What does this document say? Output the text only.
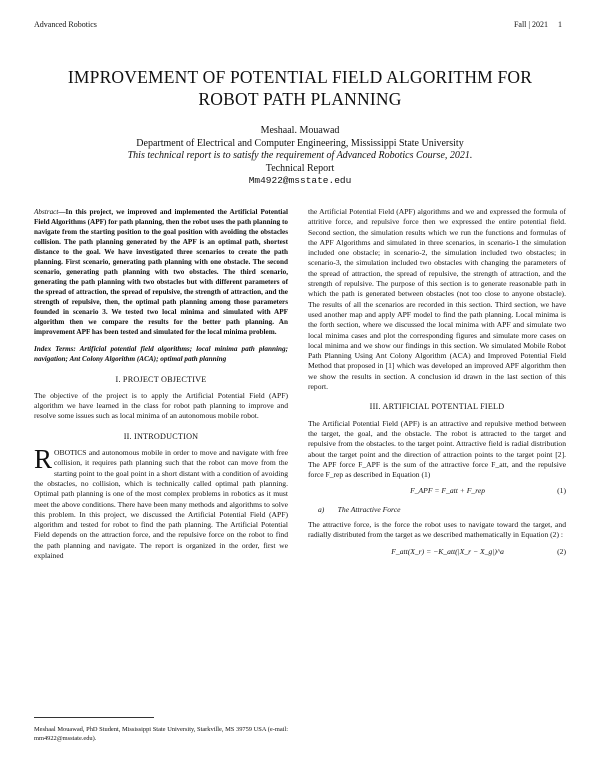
Advanced Robotics	Fall | 2021     1
IMPROVEMENT OF POTENTIAL FIELD ALGORITHM FOR
ROBOT PATH PLANNING
Meshaal. Mouawad
Department of Electrical and Computer Engineering, Mississippi State University
This technical report is to satisfy the requirement of Advanced Robotics Course, 2021.
Technical Report
Mm4922@msstate.edu

Abstract—In this project, we improved and implemented the Artificial Potential Field Algorithms (APF) for path planning, then the robot uses the path planning to navigate from the starting position to the goal position with avoiding the obstacles collision. The path planning generated by the APF is an optimal path, shortest distance to the goal. We have investigated three scenarios to create the path planning. First scenario, generating path planning with one obstacle. The second scenario, generating path planning with two obstacles. The third scenario, generating the path planning with two obstacles but with different parameters of the spread of attraction, the spread of repulsive, the strength of attraction, and the strength of repulsive, then, the optimal path planning among those parameters founded in scenario 3. We tested two local minima and simulated with APF algorithm then we compare the results for the better path planning. An improvement APF has been tested and simulated for the local minima problem.

Index Terms: Artificial potential field algorithms; local minima path planning; navigation; Ant Colony Algorithm (ACA); optimal path planning

I. PROJECT OBJECTIVE

The objective of the project is to apply the Artificial Potential Field (APF) algorithm we have learned in the class for robot path planning to improve and resolve some issues such as local minima of an autonomous mobile robot.

II. INTRODUCTION

ROBOTICS and autonomous mobile in order to move and navigate with free collision, it requires path planning such that the robot can move from the starting point to the goal point in a short distant with a condition of avoiding the obstacles, no collision, which is technically called optimal path planning. Optimal path planning is one of the most complex problems in robotics as it must meet the above conditions. There have been many methods and algorithms to solve this problem. In this project, we discussed the Artificial Potential Field (APF) algorithm and tested for robot to find the path planning. The Artificial Potential Field depends on the attraction force, and the repulsive force on the robot to find the path planning and navigate. The report is organized in the order, first we explained

the Artificial Potential Field (APF) algorithms and we and expressed the formula of attritive force, and repulsive force then we expressed the entire potential field. Second section, the simulation results which we run the functions and formulas of the APF Algorithms and simulated in three scenarios, in scenario-1 the simulation included one obstacle; in scenario-2, the simulation included two obstacles; in scenario-3, the simulation included two obstacles with changing the parameters of the spread of attraction, the spread of repulsive, the strength of attraction, and the strength of repulsive. The purpose of this section is to generate reasonable path in which the path is generated between obstacles (not too close to anyone obstacle). The results of all the scenarios are recorded in this section. Third section, we have used another map and apply APF model to find the path planning. Local minima is the forth section, where we discussed the local minima with APF and simulate two local minima cases and plot the corresponding figures and simulate more cases on local minima and we show our findings in this section. We simulated Mobile Robot Path Planning Using Ant Colony Algorithm (ACA) and Improved Potential Field Method that proposed in [1] which was developed an improved APF algorithm then we show the results in section. A conclusion id drawn in the last section of this report.

III. ARTIFICIAL POTENTIAL FIELD

The Artificial Potential Field (APF) is an attractive and repulsive method between the target, the goal, and the obstacle. The robot is attracted to the target and repulsive from the obstacles. to the target point. Attractive field is radial distribution about the target point and the direction of attraction points to the target point [2]. The APF force F_APF is the sum of the attractive force F_att, and the repulsive force F_rep as described in Equation (1)

F_APF = F_att + F_rep	(1)

a) The Attractive Force

The attractive force, is the force the robot uses to navigate toward the target, and radially distributed from the target as we described mathematically in Equation (2) :

F_att(X_r) = −K_att(|X_r − X_g|)^a	(2)

Meshaal Mouawad, PhD Student, Mississippi State University, Starkville, MS 39759 USA (e-mail: mm4922@msstate.edu).
